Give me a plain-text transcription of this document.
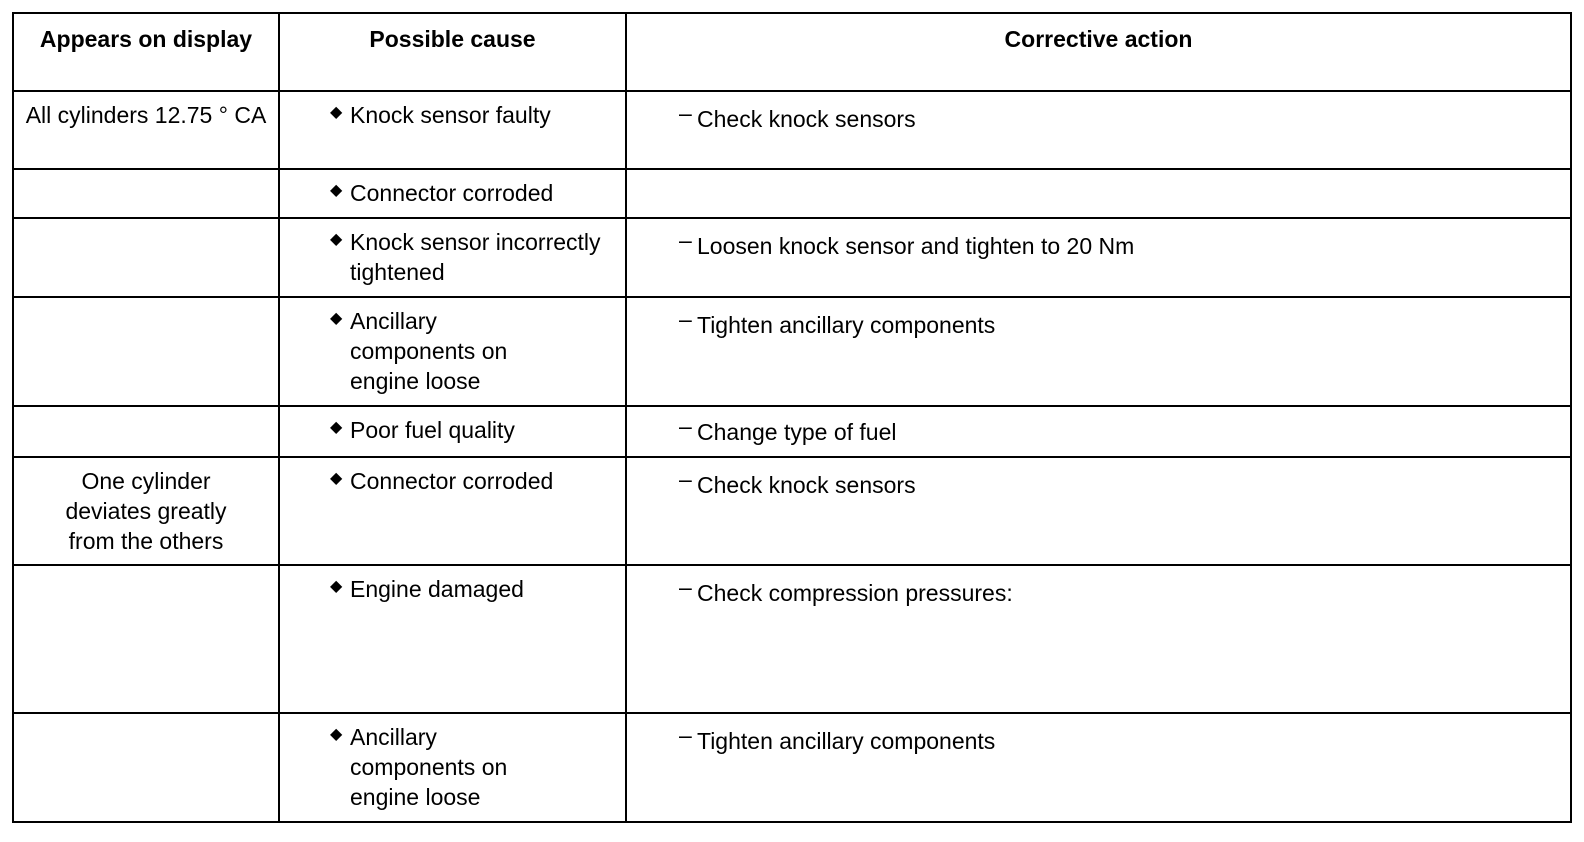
Appears on display	Possible cause	Corrective action
All cylinders 12.75 ° CA	◆ Knock sensor faulty	– Check knock sensors

	◆ Connector corroded	

	◆ Knock sensor incorrectly tightened	– Loosen knock sensor and tighten to 20 Nm

	◆ Ancillary components on engine loose	– Tighten ancillary components

	◆ Poor fuel quality	– Change type of fuel

One cylinder deviates greatly from the others	◆ Connector corroded	– Check knock sensors

	◆ Engine damaged	– Check compression pressures:

	◆ Ancillary components on engine loose	– Tighten ancillary components
